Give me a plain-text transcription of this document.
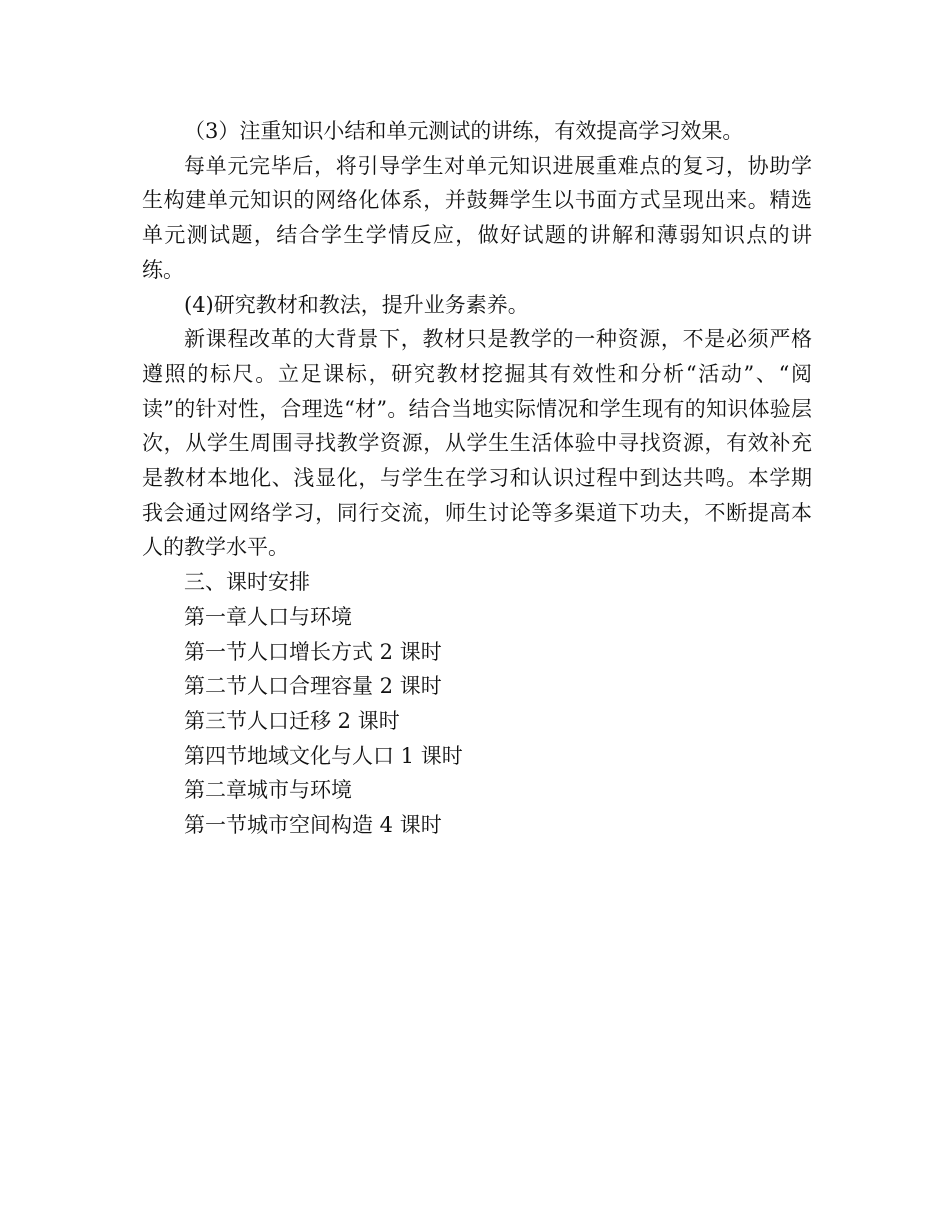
（3）注重知识小结和单元测试的讲练，有效提高学习效果。

每单元完毕后，将引导学生对单元知识进展重难点的复习，协助学生构建单元知识的网络化体系，并鼓舞学生以书面方式呈现出来。精选单元测试题，结合学生学情反应，做好试题的讲解和薄弱知识点的讲练。

(4)研究教材和教法，提升业务素养。

新课程改革的大背景下，教材只是教学的一种资源，不是必须严格遵照的标尺。立足课标，研究教材挖掘其有效性和分析“活动”、“阅读”的针对性，合理选“材”。结合当地实际情况和学生现有的知识体验层次，从学生周围寻找教学资源，从学生生活体验中寻找资源，有效补充是教材本地化、浅显化，与学生在学习和认识过程中到达共鸣。本学期我会通过网络学习，同行交流，师生讨论等多渠道下功夫，不断提高本人的教学水平。

三、课时安排

第一章人口与环境

第一节人口增长方式 2 课时

第二节人口合理容量 2 课时

第三节人口迁移 2 课时

第四节地域文化与人口 1 课时

第二章城市与环境

第一节城市空间构造 4 课时
